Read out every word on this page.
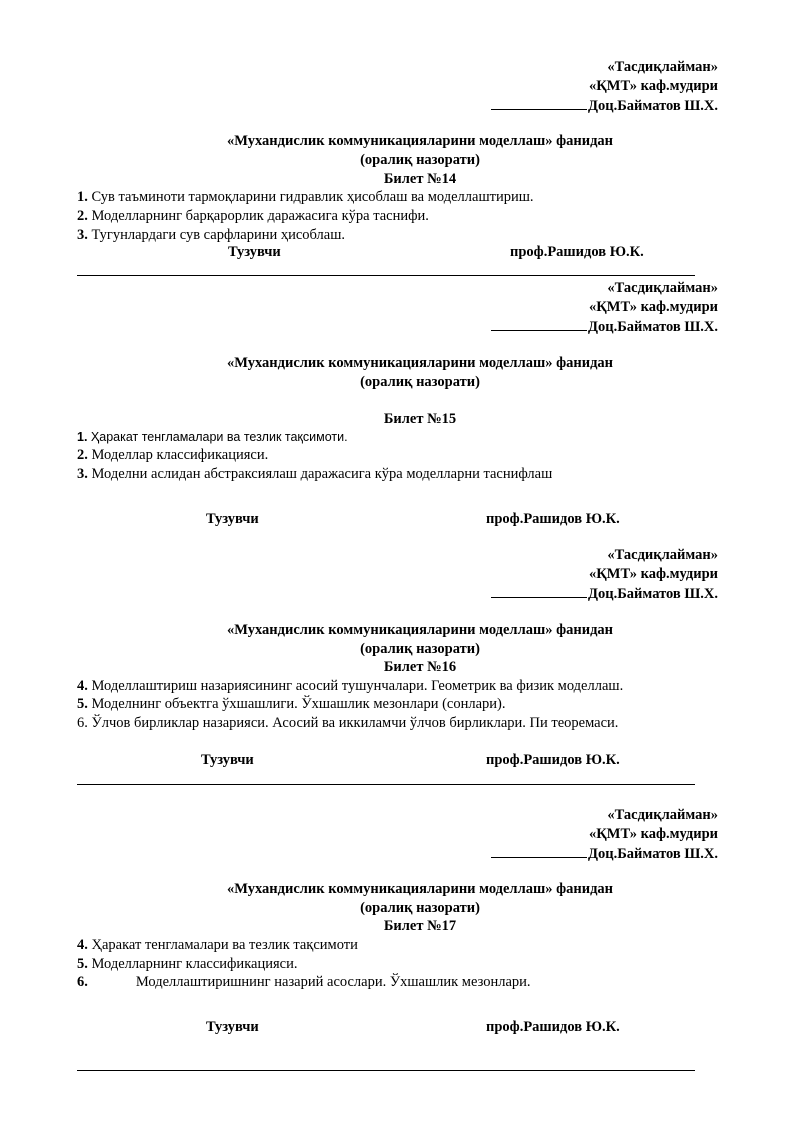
«Тасдиқлайман»
«ҚМТ» каф.мудири
Доц.Байматов Ш.Х.
«Мухандислик коммуникацияларини моделлаш» фанидан
(оралиқ назорати)
Билет №14
1. Сув таъминоти тармоқларини гидравлик ҳисоблаш ва моделлаштириш.
2. Моделларнинг барқарорлик даражасига кўра таснифи.
3. Тугунлардаги сув сарфларини ҳисоблаш.
Тузувчи	проф.Рашидов Ю.К.
«Тасдиқлайман»
«ҚМТ» каф.мудири
Доц.Байматов Ш.Х.
«Мухандислик коммуникацияларини моделлаш» фанидан
(оралиқ назорати)
Билет №15
1. Ҳаракат тенгламалари ва тезлик тақсимоти.
2. Моделлар классификацияси.
3. Моделни аслидан абстраксиялаш даражасига кўра моделларни таснифлаш
Тузувчи	проф.Рашидов Ю.К.
«Тасдиқлайман»
«ҚМТ» каф.мудири
Доц.Байматов Ш.Х.
«Мухандислик коммуникацияларини моделлаш» фанидан
(оралиқ назорати)
Билет №16
4. Моделлаштириш назариясининг асосий тушунчалари. Геометрик ва физик моделлаш.
5. Моделнинг объектга ўхшашлиги. Ўхшашлик мезонлари (сонлари).
6. Ўлчов бирликлар назарияси. Асосий ва иккиламчи ўлчов бирликлари. Пи теоремаси.
Тузувчи	проф.Рашидов Ю.К.
«Тасдиқлайман»
«ҚМТ» каф.мудири
Доц.Байматов Ш.Х.
«Мухандислик коммуникацияларини моделлаш» фанидан
(оралиқ назорати)
Билет №17
4. Ҳаракат тенгламалари ва тезлик тақсимоти
5. Моделларнинг классификацияси.
6.	Моделлаштиришнинг назарий асослари. Ўхшашлик мезонлари.
Тузувчи	проф.Рашидов Ю.К.
